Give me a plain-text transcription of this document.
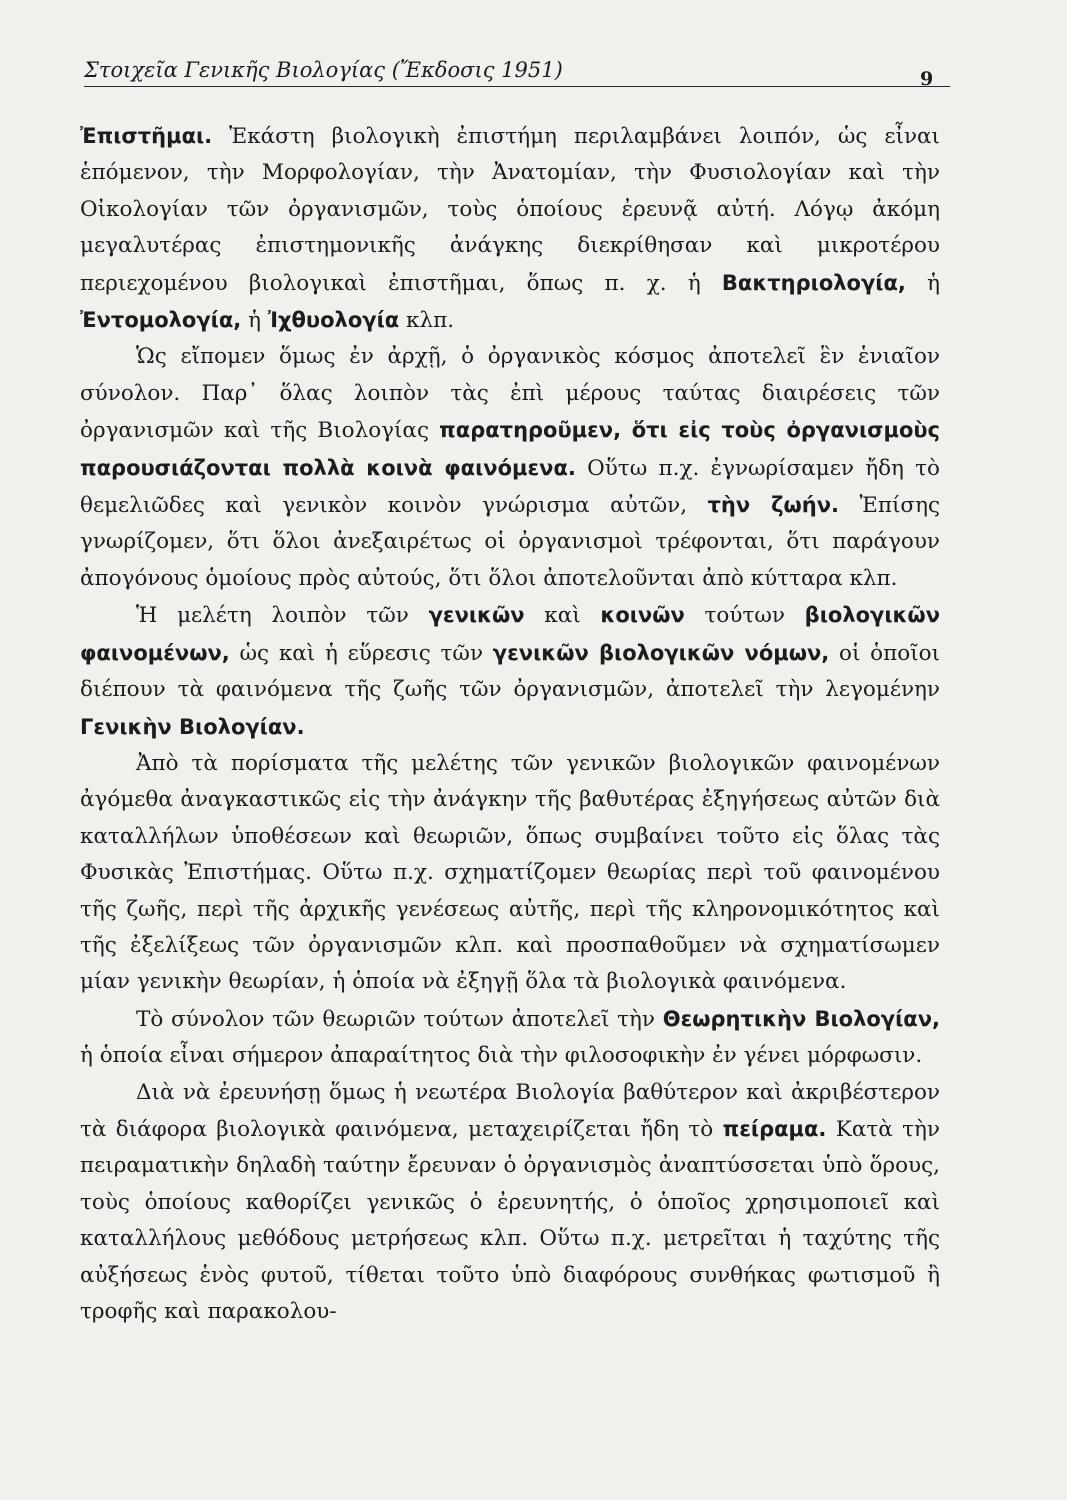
Στοιχεῖα Γενικῆς Βιολογίας (Ἔκδοσις 1951)	9

Ἐπιστῆμαι. Ἑκάστη βιολογικὴ ἐπιστήμη περιλαμβάνει λοιπόν, ὡς εἶναι ἑπόμενον, τὴν Μορφολογίαν, τὴν Ἀνατομίαν, τὴν Φυσιολογίαν καὶ τὴν Οἰκολογίαν τῶν ὀργανισμῶν, τοὺς ὁποίους ἐρευνᾷ αὐτή. Λόγῳ ἀκόμη μεγαλυτέρας ἐπιστημονικῆς ἀνάγκης διεκρίθησαν καὶ μικροτέρου περιεχομένου βιολογικαὶ ἐπιστῆμαι, ὅπως π. χ. ἡ Βακτηριολογία, ἡ Ἐντομολογία, ἡ Ἰχθυολογία κλπ.

Ὡς εἴπομεν ὅμως ἐν ἀρχῇ, ὁ ὀργανικὸς κόσμος ἀποτελεῖ ἓν ἑνιαῖον σύνολον. Παρ᾽ ὅλας λοιπὸν τὰς ἐπὶ μέρους ταύτας διαιρέσεις τῶν ὀργανισμῶν καὶ τῆς Βιολογίας παρατηροῦμεν, ὅτι εἰς τοὺς ὀργανισμοὺς παρουσιάζονται πολλὰ κοινὰ φαινόμενα. Οὕτω π.χ. ἐγνωρίσαμεν ἤδη τὸ θεμελιῶδες καὶ γενικὸν κοινὸν γνώρισμα αὐτῶν, τὴν ζωήν. Ἐπίσης γνωρίζομεν, ὅτι ὅλοι ἀνεξαιρέτως οἱ ὀργανισμοὶ τρέφονται, ὅτι παράγουν ἀπογόνους ὁμοίους πρὸς αὐτούς, ὅτι ὅλοι ἀποτελοῦνται ἀπὸ κύτταρα κλπ.

Ἡ μελέτη λοιπὸν τῶν γενικῶν καὶ κοινῶν τούτων βιολογικῶν φαινομένων, ὡς καὶ ἡ εὕρεσις τῶν γενικῶν βιολογικῶν νόμων, οἱ ὁποῖοι διέπουν τὰ φαινόμενα τῆς ζωῆς τῶν ὀργανισμῶν, ἀποτελεῖ τὴν λεγομένην Γενικὴν Βιολογίαν.

Ἀπὸ τὰ πορίσματα τῆς μελέτης τῶν γενικῶν βιολογικῶν φαινομένων ἀγόμεθα ἀναγκαστικῶς εἰς τὴν ἀνάγκην τῆς βαθυτέρας ἐξηγήσεως αὐτῶν διὰ καταλλήλων ὑποθέσεων καὶ θεωριῶν, ὅπως συμβαίνει τοῦτο εἰς ὅλας τὰς Φυσικὰς Ἐπιστήμας. Οὕτω π.χ. σχηματίζομεν θεωρίας περὶ τοῦ φαινομένου τῆς ζωῆς, περὶ τῆς ἀρχικῆς γενέσεως αὐτῆς, περὶ τῆς κληρονομικότητος καὶ τῆς ἐξελίξεως τῶν ὀργανισμῶν κλπ. καὶ προσπαθοῦμεν νὰ σχηματίσωμεν μίαν γενικὴν θεωρίαν, ἡ ὁποία νὰ ἐξηγῇ ὅλα τὰ βιολογικὰ φαινόμενα.

Τὸ σύνολον τῶν θεωριῶν τούτων ἀποτελεῖ τὴν Θεωρητικὴν Βιολογίαν, ἡ ὁποία εἶναι σήμερον ἀπαραίτητος διὰ τὴν φιλοσοφικὴν ἐν γένει μόρφωσιν.

Διὰ νὰ ἐρευνήσῃ ὅμως ἡ νεωτέρα Βιολογία βαθύτερον καὶ ἀκριβέστερον τὰ διάφορα βιολογικὰ φαινόμενα, μεταχειρίζεται ἤδη τὸ πείραμα. Κατὰ τὴν πειραματικὴν δηλαδὴ ταύτην ἔρευναν ὁ ὀργανισμὸς ἀναπτύσσεται ὑπὸ ὅρους, τοὺς ὁποίους καθορίζει γενικῶς ὁ ἐρευνητής, ὁ ὁποῖος χρησιμοποιεῖ καὶ καταλλήλους μεθόδους μετρήσεως κλπ. Οὕτω π.χ. μετρεῖται ἡ ταχύτης τῆς αὐξήσεως ἑνὸς φυτοῦ, τίθεται τοῦτο ὑπὸ διαφόρους συνθήκας φωτισμοῦ ἢ τροφῆς καὶ παρακολου-
